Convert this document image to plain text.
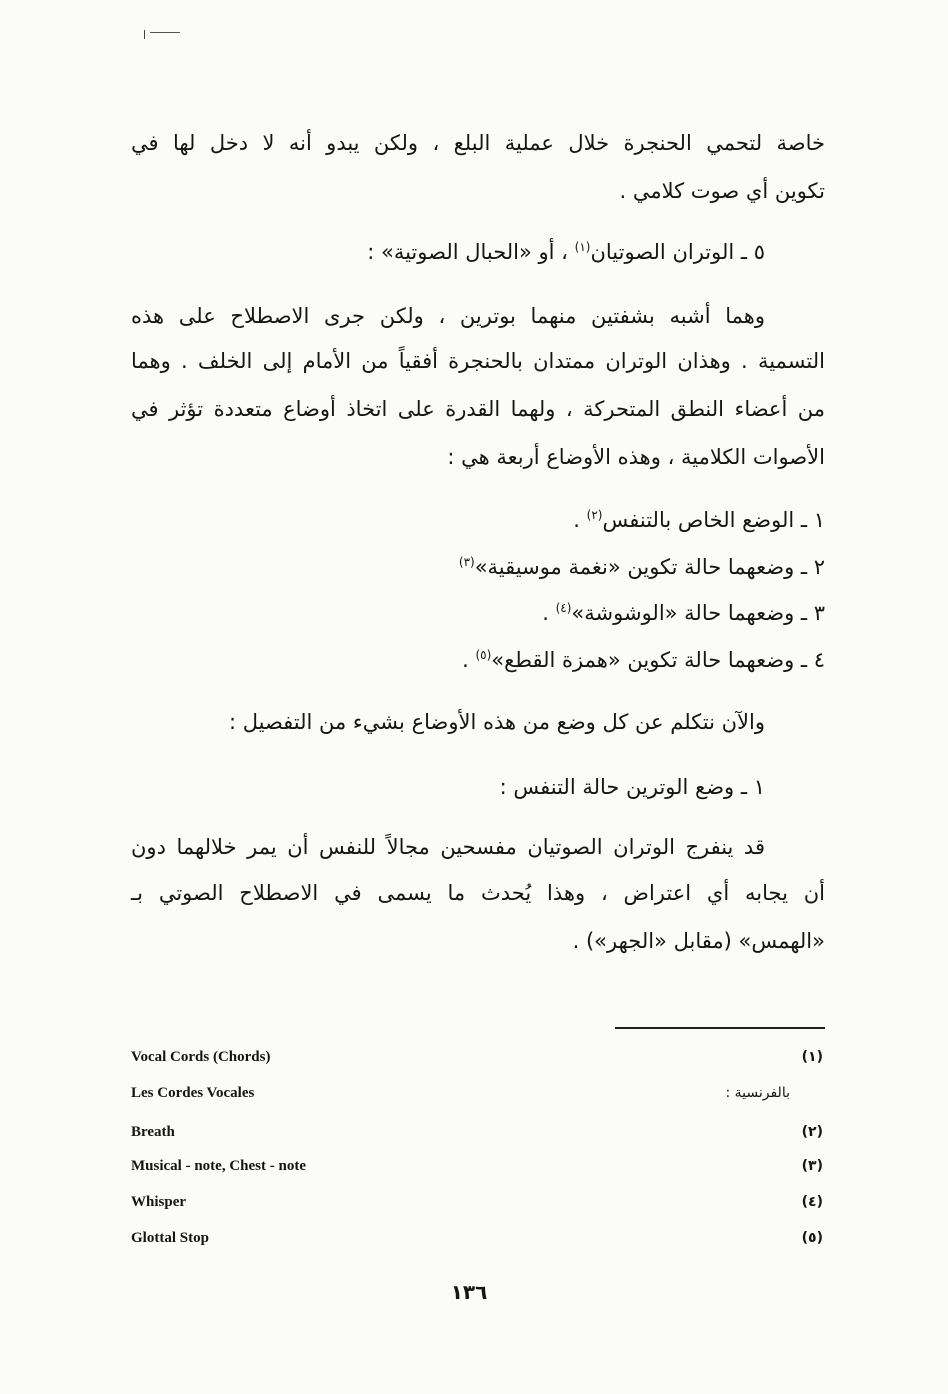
خاصة لتحمي الحنجرة خلال عملية البلع ، ولكن يبدو أنه لا دخل لها في
تكوين أي صوت كلامي .
٥ ـ الوتران الصوتيان$^{(١)}$ ، أو «الحبال الصوتية» :
وهما أشبه بشفتين منهما بوترين ، ولكن جرى الاصطلاح على هذه
التسمية . وهذان الوتران ممتدان بالحنجرة أفقياً من الأمام إلى الخلف . وهما
من أعضاء النطق المتحركة ، ولهما القدرة على اتخاذ أوضاع متعددة تؤثر في
الأصوات الكلامية ، وهذه الأوضاع أربعة هي :
١ ـ الوضع الخاص بالتنفس$^{(٢)}$ .
٢ ـ وضعهما حالة تكوين «نغمة موسيقية»$^{(٣)}$
٣ ـ وضعهما حالة «الوشوشة»$^{(٤)}$ .
٤ ـ وضعهما حالة تكوين «همزة القطع»$^{(٥)}$ .
والآن نتكلم عن كل وضع من هذه الأوضاع بشيء من التفصيل :
١ ـ وضع الوترين حالة التنفس :
قد ينفرج الوتران الصوتيان مفسحين مجالاً للنفس أن يمر خلالهما دون
أن يجابه أي اعتراض ، وهذا يُحدث ما يسمى في الاصطلاح الصوتي بـ
«الهمس» (مقابل «الجهر») .
Vocal Cords (Chords)	(١)
Les Cordes Vocales	بالفرنسية :
Breath	(٢)
Musical - note, Chest - note	(٣)
Whisper	(٤)
Glottal Stop	(٥)
١٣٦
